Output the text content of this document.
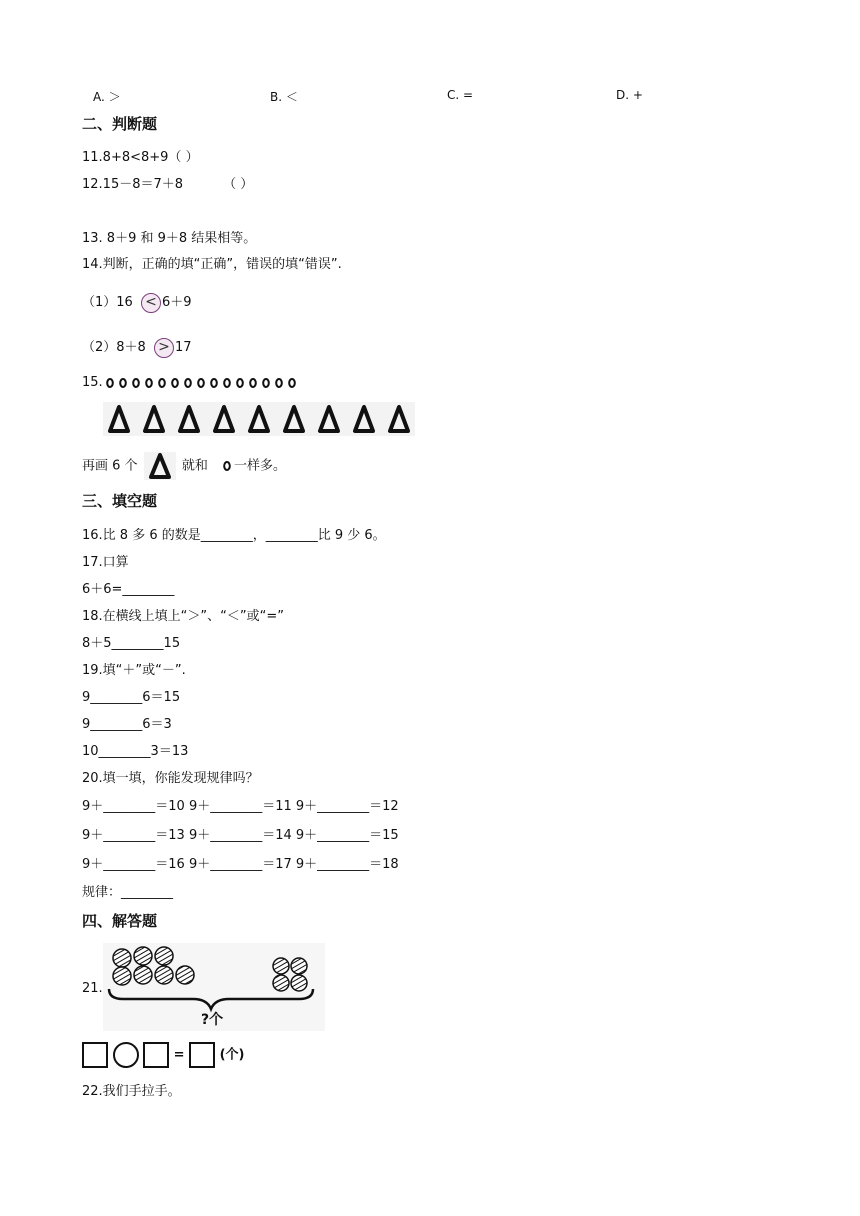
A. ＞	B. ＜	C. =	D. +
二、判断题
11.8+8<8+9（ ）
12.15－8＝7＋8	（ ）
13. 8＋9 和 9＋8 结果相等。
14.判断，正确的填“正确”，错误的填“错误”.
（1）16 < 6＋9
（2）8＋8 > 17
15.
再画 6 个	就和 一样多。
三、填空题
16.比 8 多 6 的数是________，________比 9 少 6。
17.口算
6＋6=________
18.在横线上填上“＞”、“＜”或“=”
8＋5________15
19.填“＋”或“－”.
9________6＝15
9________6＝3
10________3＝13
20.填一填，你能发现规律吗？
9＋________＝10 9＋________＝11 9＋________＝12
9＋________＝13 9＋________＝14 9＋________＝15
9＋________＝16 9＋________＝17 9＋________＝18
规律：________
四、解答题
21.
?个
=	(个)
22.我们手拉手。
